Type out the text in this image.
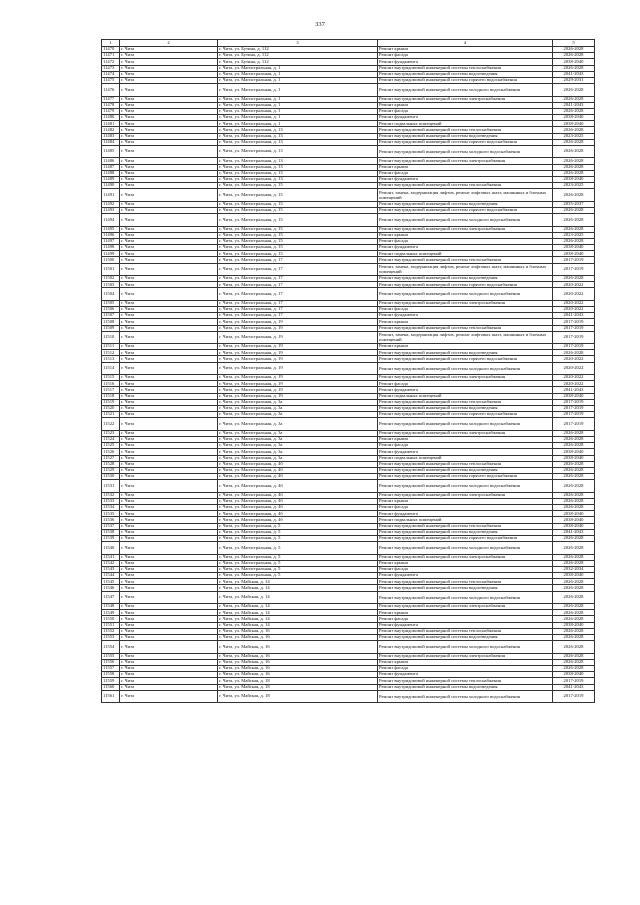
337
1	2	3	4	5
11470	г. Чита	г. Чита, ул. Бутина, д. 112	Ремонт крыши	2026-2028
11471	г. Чита	г. Чита, ул. Бутина, д. 112	Ремонт фасада	2026-2028
11472	г. Чита	г. Чита, ул. Бутина, д. 112	Ремонт фундамента	2038-2040
11473	г. Чита	г. Чита, ул. Магистральная, д. 1	Ремонт внутридомовой инженерной системы теплоснабжения	2026-2028
11474	г. Чита	г. Чита, ул. Магистральная, д. 1	Ремонт внутридомовой инженерной системы водоотведения	2041-2043
11475	г. Чита	г. Чита, ул. Магистральная, д. 1	Ремонт внутридомовой инженерной системы горячего водоснабжения	2029-2031
11476	г. Чита	г. Чита, ул. Магистральная, д. 1	Ремонт внутридомовой инженерной системы холодного водоснабжения	2026-2028
11477	г. Чита	г. Чита, ул. Магистральная, д. 1	Ремонт внутридомовой инженерной системы электроснабжения	2026-2028
11478	г. Чита	г. Чита, ул. Магистральная, д. 1	Ремонт крыши	2041-2043
11479	г. Чита	г. Чита, ул. Магистральная, д. 1	Ремонт фасада	2026-2028
11480	г. Чита	г. Чита, ул. Магистральная, д. 1	Ремонт фундамента	2038-2040
11481	г. Чита	г. Чита, ул. Магистральная, д. 1	Ремонт подвальных помещений	2038-2040
11482	г. Чита	г. Чита, ул. Магистральная, д. 13	Ремонт внутридомовой инженерной системы теплоснабжения	2026-2028
11483	г. Чита	г. Чита, ул. Магистральная, д. 13	Ремонт внутридомовой инженерной системы водоотведения	2023-2025
11484	г. Чита	г. Чита, ул. Магистральная, д. 13	Ремонт внутридомовой инженерной системы горячего водоснабжения	2026-2028
11485	г. Чита	г. Чита, ул. Магистральная, д. 13	Ремонт внутридомовой инженерной системы холодного водоснабжения	2026-2028
11486	г. Чита	г. Чита, ул. Магистральная, д. 13	Ремонт внутридомовой инженерной системы электроснабжения	2026-2028
11487	г. Чита	г. Чита, ул. Магистральная, д. 13	Ремонт крыши	2026-2028
11488	г. Чита	г. Чита, ул. Магистральная, д. 13	Ремонт фасада	2026-2028
11489	г. Чита	г. Чита, ул. Магистральная, д. 13	Ремонт фундамента	2038-2040
11490	г. Чита	г. Чита, ул. Магистральная, д. 15	Ремонт внутридомовой инженерной системы теплоснабжения	2023-2025
11491	г. Чита	г. Чита, ул. Магистральная, д. 15	Ремонт, замена, модернизация лифтов, ремонт лифтовых шахт, машинных и блочных помещений	2026-2028
11492	г. Чита	г. Чита, ул. Магистральная, д. 15	Ремонт внутридомовой инженерной системы водоотведения	2035-2037
11493	г. Чита	г. Чита, ул. Магистральная, д. 15	Ремонт внутридомовой инженерной системы горячего водоснабжения	2026-2028
11494	г. Чита	г. Чита, ул. Магистральная, д. 15	Ремонт внутридомовой инженерной системы холодного водоснабжения	2026-2028
11495	г. Чита	г. Чита, ул. Магистральная, д. 15	Ремонт внутридомовой инженерной системы электроснабжения	2026-2028
11496	г. Чита	г. Чита, ул. Магистральная, д. 15	Ремонт крыши	2023-2025
11497	г. Чита	г. Чита, ул. Магистральная, д. 15	Ремонт фасада	2026-2028
11498	г. Чита	г. Чита, ул. Магистральная, д. 15	Ремонт фундамента	2038-2040
11499	г. Чита	г. Чита, ул. Магистральная, д. 15	Ремонт подвальных помещений	2038-2040
11500	г. Чита	г. Чита, ул. Магистральная, д. 17	Ремонт внутридомовой инженерной системы теплоснабжения	2017-2019
11501	г. Чита	г. Чита, ул. Магистральная, д. 17	Ремонт, замена, модернизация лифтов, ремонт лифтовых шахт, машинных и блочных помещений	2017-2019
11502	г. Чита	г. Чита, ул. Магистральная, д. 17	Ремонт внутридомовой инженерной системы водоотведения	2026-2028
11503	г. Чита	г. Чита, ул. Магистральная, д. 17	Ремонт внутридомовой инженерной системы горячего водоснабжения	2020-2022
11504	г. Чита	г. Чита, ул. Магистральная, д. 17	Ремонт внутридомовой инженерной системы холодного водоснабжения	2020-2022
11505	г. Чита	г. Чита, ул. Магистральная, д. 17	Ремонт внутридомовой инженерной системы электроснабжения	2020-2022
11506	г. Чита	г. Чита, ул. Магистральная, д. 17	Ремонт фасада	2020-2022
11507	г. Чита	г. Чита, ул. Магистральная, д. 17	Ремонт фундамента	2041-2043
11508	г. Чита	г. Чита, ул. Магистральная, д. 19	Ремонт крыши	2017-2019
11509	г. Чита	г. Чита, ул. Магистральная, д. 19	Ремонт внутридомовой инженерной системы теплоснабжения	2017-2019
11510	г. Чита	г. Чита, ул. Магистральная, д. 19	Ремонт, замена, модернизация лифтов, ремонт лифтовых шахт, машинных и блочных помещений	2017-2019
11511	г. Чита	г. Чита, ул. Магистральная, д. 19	Ремонт крыши	2017-2019
11512	г. Чита	г. Чита, ул. Магистральная, д. 19	Ремонт внутридомовой инженерной системы водоотведения	2026-2028
11513	г. Чита	г. Чита, ул. Магистральная, д. 19	Ремонт внутридомовой инженерной системы горячего водоснабжения	2020-2022
11514	г. Чита	г. Чита, ул. Магистральная, д. 19	Ремонт внутридомовой инженерной системы холодного водоснабжения	2020-2022
11515	г. Чита	г. Чита, ул. Магистральная, д. 19	Ремонт внутридомовой инженерной системы электроснабжения	2020-2022
11516	г. Чита	г. Чита, ул. Магистральная, д. 19	Ремонт фасада	2020-2022
11517	г. Чита	г. Чита, ул. Магистральная, д. 19	Ремонт фундамента	2041-2043
11518	г. Чита	г. Чита, ул. Магистральная, д. 19	Ремонт подвальных помещений	2038-2040
11519	г. Чита	г. Чита, ул. Магистральная, д. 3а	Ремонт внутридомовой инженерной системы теплоснабжения	2017-2019
11520	г. Чита	г. Чита, ул. Магистральная, д. 3а	Ремонт внутридомовой инженерной системы водоотведения	2017-2019
11521	г. Чита	г. Чита, ул. Магистральная, д. 3а	Ремонт внутридомовой инженерной системы горячего водоснабжения	2017-2019
11522	г. Чита	г. Чита, ул. Магистральная, д. 3а	Ремонт внутридомовой инженерной системы холодного водоснабжения	2017-2019
11523	г. Чита	г. Чита, ул. Магистральная, д. 3а	Ремонт внутридомовой инженерной системы электроснабжения	2026-2028
11524	г. Чита	г. Чита, ул. Магистральная, д. 3а	Ремонт крыши	2026-2028
11525	г. Чита	г. Чита, ул. Магистральная, д. 3а	Ремонт фасада	2026-2028
11526	г. Чита	г. Чита, ул. Магистральная, д. 3а	Ремонт фундамента	2038-2040
11527	г. Чита	г. Чита, ул. Магистральная, д. 3а	Ремонт подвальных помещений	2038-2040
11528	г. Чита	г. Чита, ул. Магистральная, д. 4б	Ремонт внутридомовой инженерной системы теплоснабжения	2026-2028
11529	г. Чита	г. Чита, ул. Магистральная, д. 4б	Ремонт внутридомовой инженерной системы водоотведения	2026-2028
11530	г. Чита	г. Чита, ул. Магистральная, д. 4б	Ремонт внутридомовой инженерной системы горячего водоснабжения	2026-2028
11531	г. Чита	г. Чита, ул. Магистральная, д. 4б	Ремонт внутридомовой инженерной системы холодного водоснабжения	2026-2028
11532	г. Чита	г. Чита, ул. Магистральная, д. 4б	Ремонт внутридомовой инженерной системы электроснабжения	2026-2028
11533	г. Чита	г. Чита, ул. Магистральная, д. 4б	Ремонт крыши	2026-2028
11534	г. Чита	г. Чита, ул. Магистральная, д. 4б	Ремонт фасада	2026-2028
11535	г. Чита	г. Чита, ул. Магистральная, д. 4б	Ремонт фундамента	2038-2040
11536	г. Чита	г. Чита, ул. Магистральная, д. 4б	Ремонт подвальных помещений	2038-2040
11537	г. Чита	г. Чита, ул. Магистральная, д. 5	Ремонт внутридомовой инженерной системы теплоснабжения	2038-2040
11538	г. Чита	г. Чита, ул. Магистральная, д. 5	Ремонт внутридомовой инженерной системы водоотведения	2041-2043
11539	г. Чита	г. Чита, ул. Магистральная, д. 5	Ремонт внутридомовой инженерной системы горячего водоснабжения	2026-2028
11540	г. Чита	г. Чита, ул. Магистральная, д. 5	Ремонт внутридомовой инженерной системы холодного водоснабжения	2026-2028
11541	г. Чита	г. Чита, ул. Магистральная, д. 5	Ремонт внутридомовой инженерной системы электроснабжения	2026-2028
11542	г. Чита	г. Чита, ул. Магистральная, д. 5	Ремонт крыши	2026-2028
11543	г. Чита	г. Чита, ул. Магистральная, д. 5	Ремонт фасада	2032-2034
11544	г. Чита	г. Чита, ул. Магистральная, д. 5	Ремонт фундамента	2038-2040
11545	г. Чита	г. Чита, ул. Майская, д. 14	Ремонт внутридомовой инженерной системы теплоснабжения	2026-2028
11546	г. Чита	г. Чита, ул. Майская, д. 14	Ремонт внутридомовой инженерной системы водоотведения	2026-2028
11547	г. Чита	г. Чита, ул. Майская, д. 14	Ремонт внутридомовой инженерной системы холодного водоснабжения	2026-2028
11548	г. Чита	г. Чита, ул. Майская, д. 14	Ремонт внутридомовой инженерной системы электроснабжения	2026-2028
11549	г. Чита	г. Чита, ул. Майская, д. 14	Ремонт крыши	2026-2028
11550	г. Чита	г. Чита, ул. Майская, д. 14	Ремонт фасада	2026-2028
11551	г. Чита	г. Чита, ул. Майская, д. 14	Ремонт фундамента	2038-2040
11552	г. Чита	г. Чита, ул. Майская, д. 16	Ремонт внутридомовой инженерной системы теплоснабжения	2026-2028
11553	г. Чита	г. Чита, ул. Майская, д. 16	Ремонт внутридомовой инженерной системы водоотведения	2026-2028
11554	г. Чита	г. Чита, ул. Майская, д. 16	Ремонт внутридомовой инженерной системы холодного водоснабжения	2026-2028
11555	г. Чита	г. Чита, ул. Майская, д. 16	Ремонт внутридомовой инженерной системы электроснабжения	2026-2028
11556	г. Чита	г. Чита, ул. Майская, д. 16	Ремонт крыши	2026-2028
11557	г. Чита	г. Чита, ул. Майская, д. 16	Ремонт фасада	2026-2028
11558	г. Чита	г. Чита, ул. Майская, д. 16	Ремонт фундамента	2038-2040
11559	г. Чита	г. Чита, ул. Майская, д. 18	Ремонт внутридомовой инженерной системы теплоснабжения	2017-2019
11560	г. Чита	г. Чита, ул. Майская, д. 18	Ремонт внутридомовой инженерной системы водоотведения	2041-2043
11561	г. Чита	г. Чита, ул. Майская, д. 18	Ремонт внутридомовой инженерной системы холодного водоснабжения	2017-2019
